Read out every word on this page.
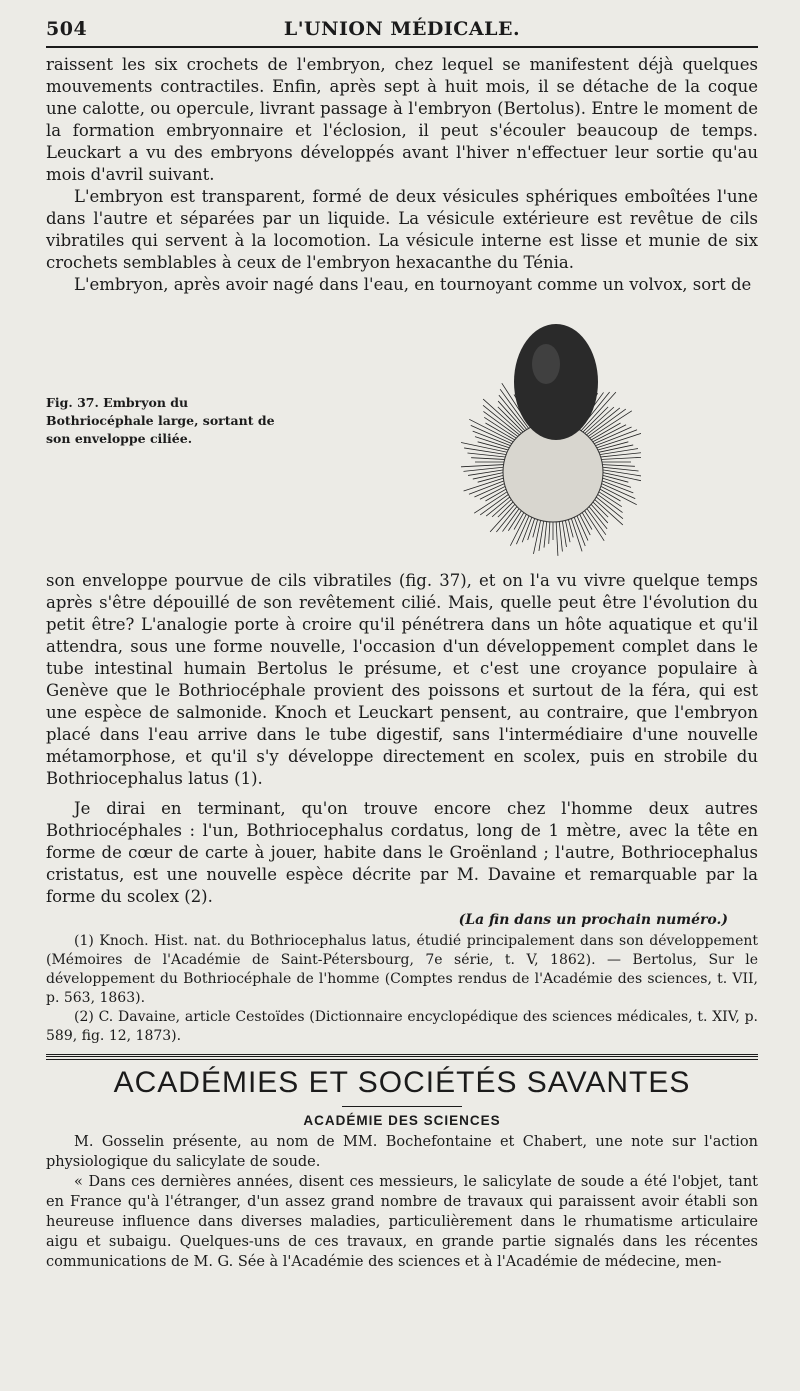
504	L'UNION MÉDICALE.

raissent les six crochets de l'embryon, chez lequel se manifestent déjà quelques mouvements contractiles. Enfin, après sept à huit mois, il se détache de la coque une calotte, ou opercule, livrant passage à l'embryon (Bertolus). Entre le moment de la formation embryonnaire et l'éclosion, il peut s'écouler beaucoup de temps. Leuckart a vu des embryons développés avant l'hiver n'effectuer leur sortie qu'au mois d'avril suivant.

L'embryon est transparent, formé de deux vésicules sphériques emboîtées l'une dans l'autre et séparées par un liquide. La vésicule extérieure est revêtue de cils vibratiles qui servent à la locomotion. La vésicule interne est lisse et munie de six crochets semblables à ceux de l'embryon hexacanthe du Ténia.

L'embryon, après avoir nagé dans l'eau, en tournoyant comme un volvox, sort de

Fig. 37. Embryon du Bothriocéphale large, sortant de son enveloppe ciliée.

son enveloppe pourvue de cils vibratiles (fig. 37), et on l'a vu vivre quelque temps après s'être dépouillé de son revêtement cilié. Mais, quelle peut être l'évolution du petit être? L'analogie porte à croire qu'il pénétrera dans un hôte aquatique et qu'il attendra, sous une forme nouvelle, l'occasion d'un développement complet dans le tube intestinal humain Bertolus le présume, et c'est une croyance populaire à Genève que le Bothriocéphale provient des poissons et surtout de la féra, qui est une espèce de salmonide. Knoch et Leuckart pensent, au contraire, que l'embryon placé dans l'eau arrive dans le tube digestif, sans l'intermédiaire d'une nouvelle métamorphose, et qu'il s'y développe directement en scolex, puis en strobile du Bothriocephalus latus (1).

Je dirai en terminant, qu'on trouve encore chez l'homme deux autres Bothriocéphales : l'un, Bothriocephalus cordatus, long de 1 mètre, avec la tête en forme de cœur de carte à jouer, habite dans le Groënland ; l'autre, Bothriocephalus cristatus, est une nouvelle espèce décrite par M. Davaine et remarquable par la forme du scolex (2).

(La fin dans un prochain numéro.)

(1) Knoch. Hist. nat. du Bothriocephalus latus, étudié principalement dans son développement (Mémoires de l'Académie de Saint-Pétersbourg, 7e série, t. V, 1862). — Bertolus, Sur le développement du Bothriocéphale de l'homme (Comptes rendus de l'Académie des sciences, t. VII, p. 563, 1863).

(2) C. Davaine, article Cestoïdes (Dictionnaire encyclopédique des sciences médicales, t. XIV, p. 589, fig. 12, 1873).

ACADÉMIES ET SOCIÉTÉS SAVANTES
ACADÉMIE DES SCIENCES

M. Gosselin présente, au nom de MM. Bochefontaine et Chabert, une note sur l'action physiologique du salicylate de soude.

« Dans ces dernières années, disent ces messieurs, le salicylate de soude a été l'objet, tant en France qu'à l'étranger, d'un assez grand nombre de travaux qui paraissent avoir établi son heureuse influence dans diverses maladies, particulièrement dans le rhumatisme articulaire aigu et subaigu. Quelques-uns de ces travaux, en grande partie signalés dans les récentes communications de M. G. Sée à l'Académie des sciences et à l'Académie de médecine, men-
